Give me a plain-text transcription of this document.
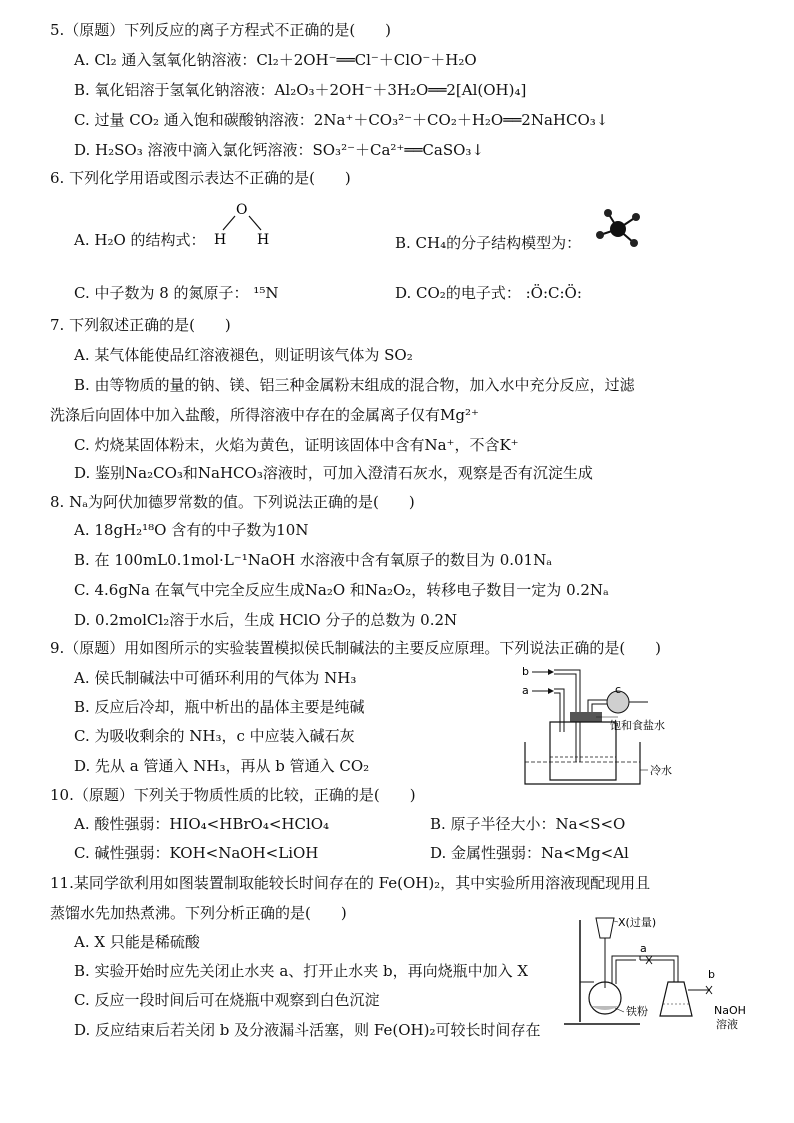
5.（原题）下列反应的离子方程式不正确的是(　　)
A. Cl₂ 通入氢氧化钠溶液：Cl₂＋2OH⁻══Cl⁻＋ClO⁻＋H₂O
B. 氧化铝溶于氢氧化钠溶液：Al₂O₃＋2OH⁻＋3H₂O══2[Al(OH)₄]
C. 过量 CO₂ 通入饱和碳酸钠溶液：2Na⁺＋CO₃²⁻＋CO₂＋H₂O══2NaHCO₃↓
D. H₂SO₃ 溶液中滴入氯化钙溶液：SO₃²⁻＋Ca²⁺══CaSO₃↓
6. 下列化学用语或图示表达不正确的是(　　)
A. H₂O 的结构式：
O
H H	B. CH₄的分子结构模型为：
C. 中子数为 8 的氮原子： ¹⁵N	D. CO₂的电子式： :Ö:C:Ö:
7. 下列叙述正确的是(　　)
A. 某气体能使品红溶液褪色，则证明该气体为 SO₂
B. 由等物质的量的钠、镁、铝三种金属粉末组成的混合物，加入水中充分反应，过滤
洗涤后向固体中加入盐酸，所得溶液中存在的金属离子仅有Mg²⁺
C. 灼烧某固体粉末，火焰为黄色，证明该固体中含有Na⁺，不含K⁺
D. 鉴别Na₂CO₃和NaHCO₃溶液时，可加入澄清石灰水，观察是否有沉淀生成
8. Nₐ为阿伏加德罗常数的值。下列说法正确的是(　　)
A. 18gH₂¹⁸O 含有的中子数为10N
B. 在 100mL0.1mol·L⁻¹NaOH 水溶液中含有氧原子的数目为 0.01Nₐ
C. 4.6gNa 在氧气中完全反应生成Na₂O 和Na₂O₂，转移电子数目一定为 0.2Nₐ
D. 0.2molCl₂溶于水后，生成 HClO 分子的总数为 0.2N
9.（原题）用如图所示的实验装置模拟侯氏制碱法的主要反应原理。下列说法正确的是(　　)
A. 侯氏制碱法中可循环利用的气体为 NH₃
B. 反应后冷却，瓶中析出的晶体主要是纯碱
C. 为吸收剩余的 NH₃，c 中应装入碱石灰
D. 先从 a 管通入 NH₃，再从 b 管通入 CO₂
b
a	c
饱和食盐水
冷水
10.（原题）下列关于物质性质的比较，正确的是(　　)
A. 酸性强弱：HIO₄<HBrO₄<HClO₄	B. 原子半径大小：Na<S<O
C. 碱性强弱：KOH<NaOH<LiOH	D. 金属性强弱：Na<Mg<Al
11.某同学欲利用如图装置制取能较长时间存在的 Fe(OH)₂，其中实验所用溶液现配现用且
蒸馏水先加热煮沸。下列分析正确的是(　　)
A. X 只能是稀硫酸
B. 实验开始时应先关闭止水夹 a、打开止水夹 b，再向烧瓶中加入 X
C. 反应一段时间后可在烧瓶中观察到白色沉淀
D. 反应结束后若关闭 b 及分液漏斗活塞，则 Fe(OH)₂可较长时间存在
X(过量)
a
b
铁粉	NaOH
溶液
